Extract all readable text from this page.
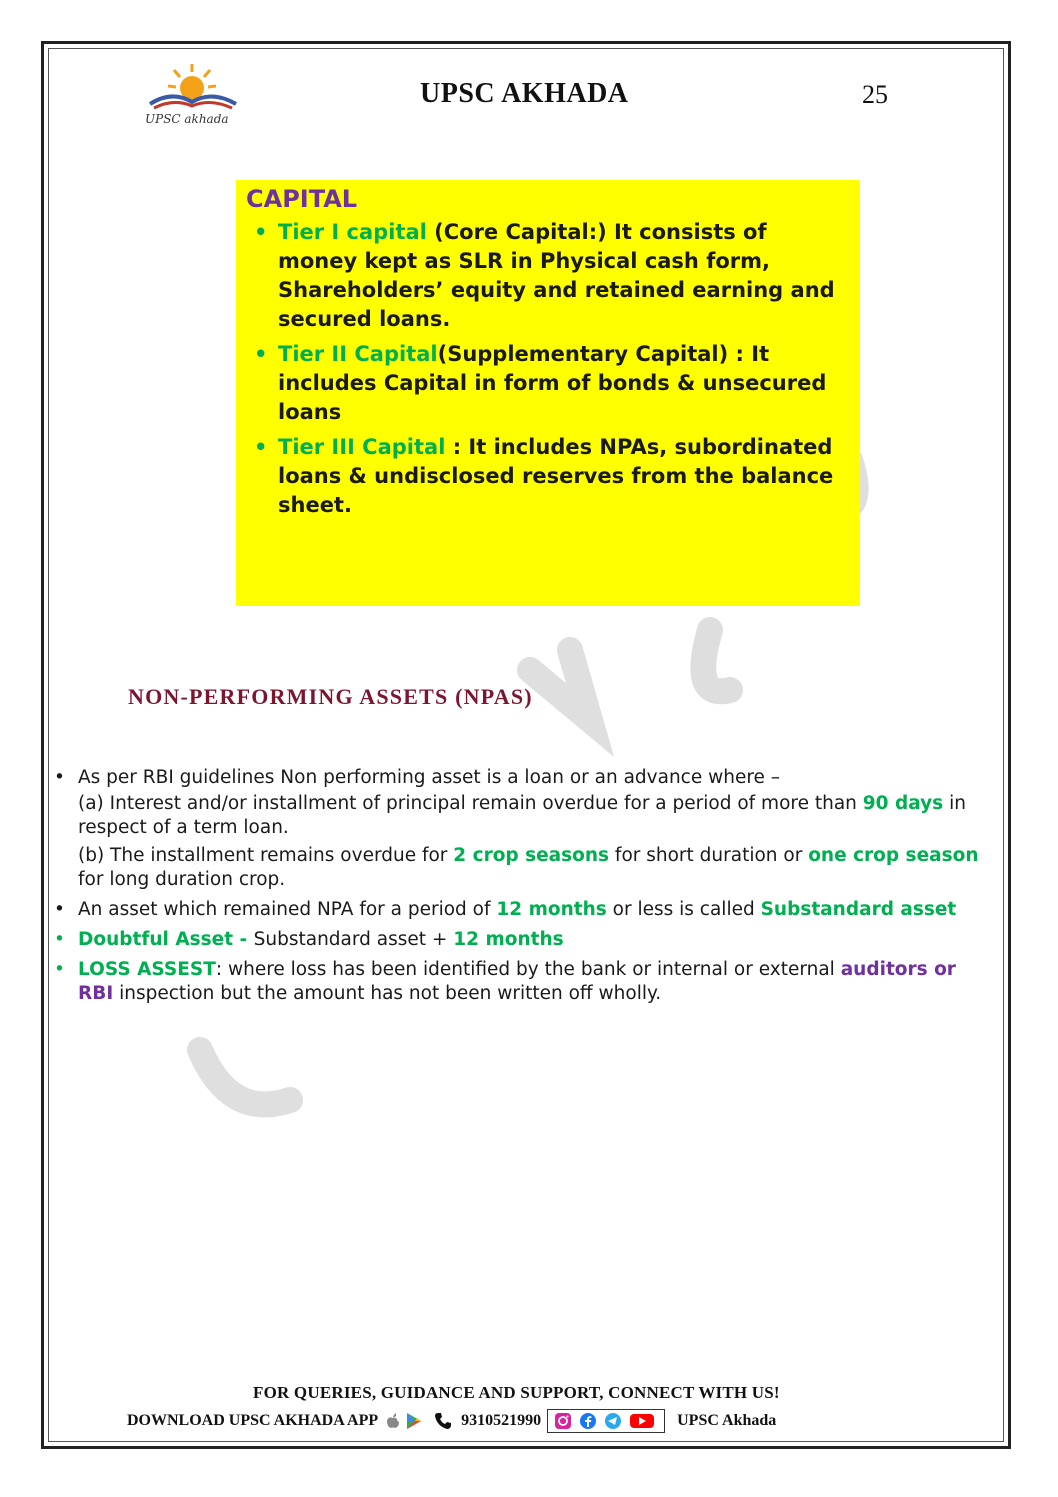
UPSC akhada
UPSC AKHADA	25
CAPITAL
• Tier I capital (Core Capital:) It consists of money kept as SLR in Physical cash form, Shareholders’ equity and retained earning and secured loans.
• Tier II Capital(Supplementary Capital) : It includes Capital in form of bonds & unsecured loans
• Tier III Capital : It includes NPAs, subordinated loans & undisclosed reserves from the balance sheet.
NON-PERFORMING ASSETS (NPAS)
• As per RBI guidelines Non performing asset is a loan or an advance where –
(a) Interest and/or installment of principal remain overdue for a period of more than 90 days in respect of a term loan.
(b) The installment remains overdue for 2 crop seasons for short duration or one crop season for long duration crop.
• An asset which remained NPA for a period of 12 months or less is called Substandard asset
• Doubtful Asset - Substandard asset + 12 months
• LOSS ASSEST: where loss has been identified by the bank or internal or external auditors or RBI inspection but the amount has not been written off wholly.
FOR QUERIES, GUIDANCE AND SUPPORT, CONNECT WITH US!
DOWNLOAD UPSC AKHADA APP	9310521990	UPSC Akhada
